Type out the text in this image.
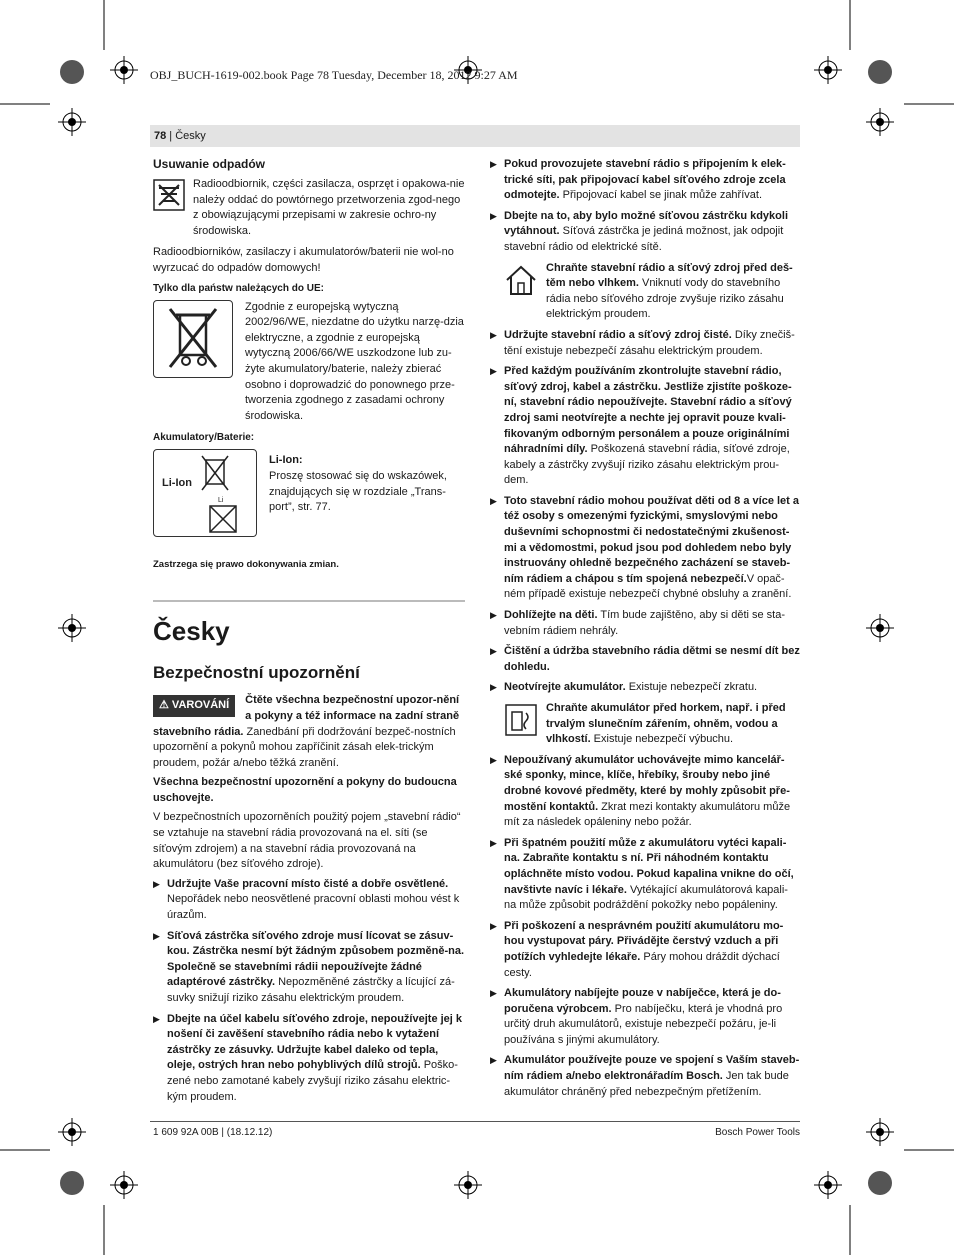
OBJ_BUCH-1619-002.book Page 78 Tuesday, December 18, 2012 9:27 AM
78 | Česky
Usuwanie odpadów
Radioodbiornik, części zasilacza, osprzęt i opakowa-nie należy oddać do powtórnego przetworzenia zgod-nego z obowiązującymi przepisami w zakresie ochro-ny środowiska.
Radioodbiorników, zasilaczy i akumulatorów/baterii nie wol-no wyrzucać do odpadów domowych!
Tylko dla państw należących do UE:
Zgodnie z europejską wytyczną 2002/96/WE, niezdatne do użytku narzę-dzia elektryczne, a zgodnie z europejską wytyczną 2006/66/WE uszkodzone lub zu-żyte akumulatory/baterie, należy zbierać osobno i doprowadzić do ponownego prze-tworzenia zgodnego z zasadami ochrony środowiska.
Akumulatory/Baterie:
Li-Ion
Li
Li-Ion:
Proszę stosować się do wskazówek, znajdujących się w rozdziale „Trans-port”, str. 77.
Zastrzega się prawo dokonywania zmian.
Česky
Bezpečnostní upozornění
⚠ VAROVÁNÍ	Čtěte všechna bezpečnostní upozor-nění a pokyny a též informace na zadní straně stavebního rádia. Zanedbání při dodržování bezpeč-nostních upozornění a pokynů mohou zapříčinit zásah elek-trickým proudem, požár a/nebo těžká zranění.
Všechna bezpečnostní upozornění a pokyny do budoucna uschovejte.
V bezpečnostních upozorněních použitý pojem „stavební rádio“ se vztahuje na stavební rádia provozovaná na el. síti (se síťovým zdrojem) a na stavební rádia provozovaná na akumulátoru (bez síťového zdroje).
▶ Udržujte Vaše pracovní místo čisté a dobře osvětlené. Nepořádek nebo neosvětlené pracovní oblasti mohou vést k úrazům.
▶ Síťová zástrčka síťového zdroje musí lícovat se zásuv-kou. Zástrčka nesmí být žádným způsobem pozměně-na. Společně se stavebními rádii nepoužívejte žádné adaptérové zástrčky. Nepozměněné zástrčky a lícující zá-suvky snižují riziko zásahu elektrickým proudem.
▶ Dbejte na účel kabelu síťového zdroje, nepoužívejte jej k nošení či zavěšení stavebního rádia nebo k vytažení zástrčky ze zásuvky. Udržujte kabel daleko od tepla, oleje, ostrých hran nebo pohyblivých dílů strojů. Poško-zené nebo zamotané kabely zvyšují riziko zásahu elektric-kým proudem.
▶ Pokud provozujete stavební rádio s připojením k elek-trické síti, pak připojovací kabel síťového zdroje zcela odmotejte. Připojovací kabel se jinak může zahřívat.
▶ Dbejte na to, aby bylo možné síťovou zástrčku kdykoli vytáhnout. Síťová zástrčka je jediná možnost, jak odpojit stavební rádio od elektrické sítě.
Chraňte stavební rádio a síťový zdroj před deš-těm nebo vlhkem. Vniknutí vody do stavebního rádia nebo síťového zdroje zvyšuje riziko zásahu elektrickým proudem.
▶ Udržujte stavební rádio a síťový zdroj čisté. Díky znečiš-tění existuje nebezpečí zásahu elektrickým proudem.
▶ Před každým používáním zkontrolujte stavební rádio, síťový zdroj, kabel a zástrčku. Jestliže zjistíte poškoze-ní, stavební rádio nepoužívejte. Stavební rádio a síťový zdroj sami neotvírejte a nechte jej opravit pouze kvali-fikovaným odborným personálem a pouze originálními náhradními díly. Poškozená stavební rádia, síťové zdroje, kabely a zástrčky zvyšují riziko zásahu elektrickým prou-dem.
▶ Toto stavební rádio mohou používat děti od 8 a více let a též osoby s omezenými fyzickými, smyslovými nebo duševními schopnostmi či nedostatečnými zkušenost-mi a vědomostmi, pokud jsou pod dohledem nebo byly instruovány ohledně bezpečného zacházení se staveb-ním rádiem a chápou s tím spojená nebezpečí.V opač-ném případě existuje nebezpečí chybné obsluhy a zranění.
▶ Dohlížejte na děti. Tím bude zajištěno, aby si děti se sta-vebním rádiem nehrály.
▶ Čištění a údržba stavebního rádia dětmi se nesmí dít bez dohledu.
▶ Neotvírejte akumulátor. Existuje nebezpečí zkratu.
Chraňte akumulátor před horkem, např. i před trvalým slunečním zářením, ohněm, vodou a vlhkostí. Existuje nebezpečí výbuchu.
▶ Nepoužívaný akumulátor uchovávejte mimo kancelář-ské sponky, mince, klíče, hřebíky, šrouby nebo jiné drobné kovové předměty, které by mohly způsobit pře-mostění kontaktů. Zkrat mezi kontakty akumulátoru může mít za následek opáleniny nebo požár.
▶ Při špatném použití může z akumulátoru vytéci kapali-na. Zabraňte kontaktu s ní. Při náhodném kontaktu opláchněte místo vodou. Pokud kapalina vnikne do očí, navštivte navíc i lékaře. Vytékající akumulátorová kapali-na může způsobit podráždění pokožky nebo popáleniny.
▶ Při poškození a nesprávném použití akumulátoru mo-hou vystupovat páry. Přivádějte čerstvý vzduch a při potížích vyhledejte lékaře. Páry mohou dráždit dýchací cesty.
▶ Akumulátory nabíjejte pouze v nabíječce, která je do-poručena výrobcem. Pro nabíječku, která je vhodná pro určitý druh akumulátorů, existuje nebezpečí požáru, je-li používána s jinými akumulátory.
▶ Akumulátor používejte pouze ve spojení s Vaším staveb-ním rádiem a/nebo elektronářadím Bosch. Jen tak bude akumulátor chráněný před nebezpečným přetížením.
1 609 92A 00B | (18.12.12)	Bosch Power Tools
